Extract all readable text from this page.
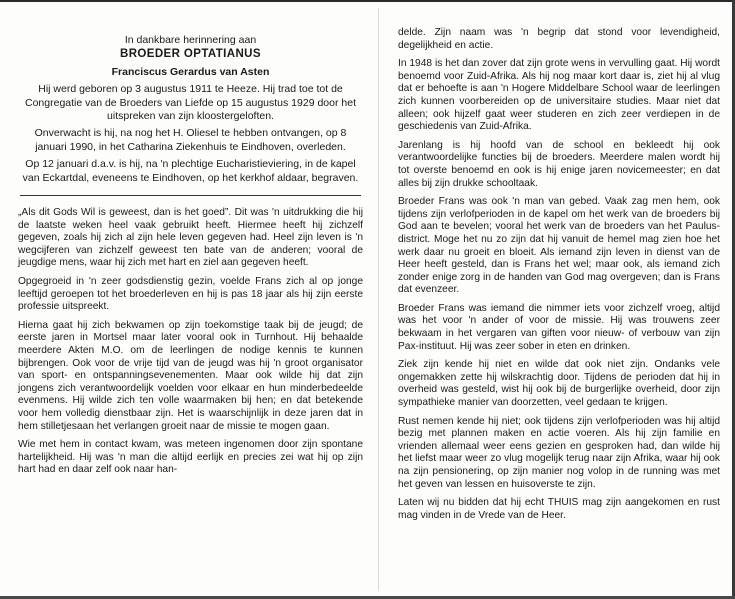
In dankbare herinnering aan

BROEDER OPTATIANUS

Franciscus Gerardus van Asten

Hij werd geboren op 3 augustus 1911 te Heeze. Hij trad toe tot de Congregatie van de Broeders van Liefde op 15 augustus 1929 door het uitspreken van zijn kloostergeloften.

Onverwacht is hij, na nog het H. Oliesel te hebben ontvangen, op 8 januari 1990, in het Catharina Ziekenhuis te Eindhoven, overleden.

Op 12 januari d.a.v. is hij, na 'n plechtige Eucharistieviering, in de kapel van Eckartdal, eveneens te Eindhoven, op het kerkhof aldaar, begraven.

„Als dit Gods Wil is geweest, dan is het goed”. Dit was 'n uitdrukking die hij de laatste weken heel vaak gebruikt heeft. Hiermee heeft hij zichzelf gegeven, zoals hij zich al zijn hele leven gegeven had. Heel zijn leven is 'n wegcijferen van zichzelf geweest ten bate van de anderen; vooral de jeugdige mens, waar hij zich met hart en ziel aan gegeven heeft.

Opgegroeid in 'n zeer godsdienstig gezin, voelde Frans zich al op jonge leeftijd geroepen tot het broederleven en hij is pas 18 jaar als hij zijn eerste professie uitspreekt.

Hierna gaat hij zich bekwamen op zijn toekomstige taak bij de jeugd; de eerste jaren in Mortsel maar later vooral ook in Turnhout. Hij behaalde meerdere Akten M.O. om de leerlingen de nodige kennis te kunnen bijbrengen. Ook voor de vrije tijd van de jeugd was hij 'n groot organisator van sport- en ontspanningsevenementen. Maar ook wilde hij dat zijn jongens zich verantwoordelijk voelden voor elkaar en hun minderbedeelde evenmens. Hij wilde zich ten volle waarmaken bij hen; en dat betekende voor hem volledig dienstbaar zijn. Het is waarschijnlijk in deze jaren dat in hem stilletjesaan het verlangen groeit naar de missie te mogen gaan.

Wie met hem in contact kwam, was meteen ingenomen door zijn spontane hartelijkheid. Hij was 'n man die altijd eerlijk en precies zei wat hij op zijn hart had en daar zelf ook naar han-

delde. Zijn naam was 'n begrip dat stond voor levendigheid, degelijkheid en actie.

In 1948 is het dan zover dat zijn grote wens in vervulling gaat. Hij wordt benoemd voor Zuid-Afrika. Als hij nog maar kort daar is, ziet hij al vlug dat er behoefte is aan 'n Hogere Middelbare School waar de leerlingen zich kunnen voorbereiden op de universitaire studies. Maar niet dat alleen; ook hijzelf gaat weer studeren en zich zeer verdiepen in de geschiedenis van Zuid-Afrika.

Jarenlang is hij hoofd van de school en bekleedt hij ook verantwoordelijke functies bij de broeders. Meerdere malen wordt hij tot overste benoemd en ook is hij enige jaren novicemeester; en dat alles bij zijn drukke schooltaak.

Broeder Frans was ook 'n man van gebed. Vaak zag men hem, ook tijdens zijn verlofperioden in de kapel om het werk van de broeders bij God aan te bevelen; vooral het werk van de broeders van het Paulus-district. Moge het nu zo zijn dat hij vanuit de hemel mag zien hoe het werk daar nu groeit en bloeit. Als iemand zijn leven in dienst van de Heer heeft gesteld, dan is Frans het wel; maar ook, als iemand zich zonder enige zorg in de handen van God mag overgeven; dan is Frans dat evenzeer.

Broeder Frans was iemand die nimmer iets voor zichzelf vroeg, altijd was het voor 'n ander of voor de missie. Hij was trouwens zeer bekwaam in het vergaren van giften voor nieuw- of verbouw van zijn Pax-instituut. Hij was zeer sober in eten en drinken.

Ziek zijn kende hij niet en wilde dat ook niet zijn. Ondanks vele ongemakken zette hij wilskrachtig door. Tijdens de perioden dat hij in overheid was gesteld, wist hij ook bij de burgerlijke overheid, door zijn sympathieke manier van doorzetten, veel gedaan te krijgen.

Rust nemen kende hij niet; ook tijdens zijn verlofperioden was hij altijd bezig met plannen maken en actie voeren. Als hij zijn familie en vrienden allemaal weer eens gezien en gesproken had, dan wilde hij het liefst maar weer zo vlug mogelijk terug naar zijn Afrika, waar hij ook na zijn pensionering, op zijn manier nog volop in de running was met het geven van lessen en huisoverste te zijn.

Laten wij nu bidden dat hij echt THUIS mag zijn aangekomen en rust mag vinden in de Vrede van de Heer.
